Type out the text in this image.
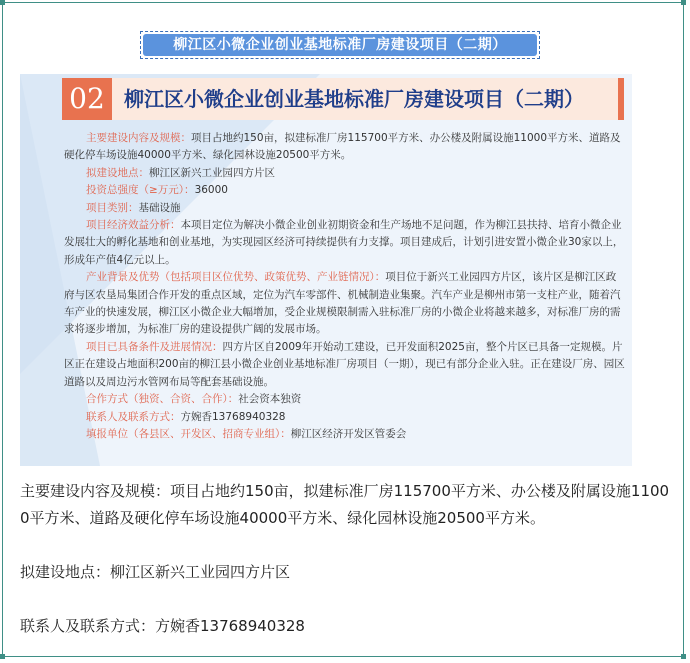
柳江区小微企业创业基地标准厂房建设项目（二期）
02 柳江区小微企业创业基地标准厂房建设项目（二期）

主要建设内容及规模：项目占地约150亩，拟建标准厂房115700平方米、办公楼及附属设施11000平方米、道路及硬化停车场设施40000平方米、绿化园林设施20500平方米。

拟建设地点：柳江区新兴工业园四方片区

投资总强度（≥万元）：36000

项目类别：基础设施

项目经济效益分析：本项目定位为解决小微企业创业初期资金和生产场地不足问题，作为柳江县扶持、培育小微企业发展壮大的孵化基地和创业基地，为实现园区经济可持续提供有力支撑。项目建成后，计划引进安置小微企业30家以上，形成年产值4亿元以上。

产业背景及优势（包括项目区位优势、政策优势、产业链情况）：项目位于新兴工业园四方片区，该片区是柳江区政府与区农垦局集团合作开发的重点区域，定位为汽车零部件、机械制造业集聚。汽车产业是柳州市第一支柱产业，随着汽车产业的快速发展，柳江区小微企业大幅增加，受企业规模限制需入驻标准厂房的小微企业将越来越多，对标准厂房的需求将逐步增加，为标准厂房的建设提供广阔的发展市场。

项目已具备条件及进展情况：四方片区自2009年开始动工建设，已开发面积2025亩，整个片区已具备一定规模。片区正在建设占地面积200亩的柳江县小微企业创业基地标准厂房项目（一期），现已有部分企业入驻。正在建设厂房、园区道路以及周边污水管网布局等配套基础设施。

合作方式（独资、合资、合作）：社会资本独资

联系人及联系方式：方婉香13768940328

填报单位（各县区、开发区、招商专业组）：柳江区经济开发区管委会

主要建设内容及规模：项目占地约150亩，拟建标准厂房115700平方米、办公楼及附属设施11000平方米、道路及硬化停车场设施40000平方米、绿化园林设施20500平方米。

拟建设地点：柳江区新兴工业园四方片区

联系人及联系方式：方婉香13768940328
